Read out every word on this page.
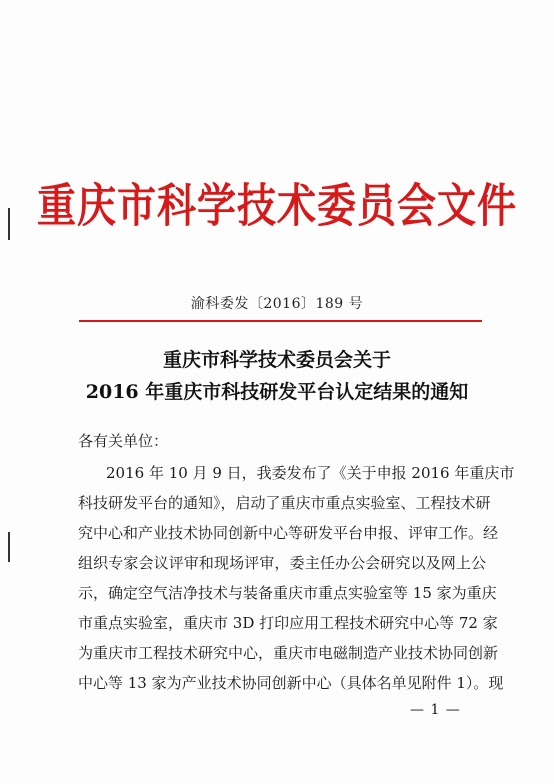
重庆市科学技术委员会文件
渝科委发〔2016〕189 号
重庆市科学技术委员会关于
2016 年重庆市科技研发平台认定结果的通知
各有关单位：
2016 年 10 月 9 日，我委发布了《关于申报 2016 年重庆市
科技研发平台的通知》，启动了重庆市重点实验室、工程技术研
究中心和产业技术协同创新中心等研发平台申报、评审工作。经
组织专家会议评审和现场评审，委主任办公会研究以及网上公
示，确定空气洁净技术与装备重庆市重点实验室等 15 家为重庆
市重点实验室，重庆市 3D 打印应用工程技术研究中心等 72 家
为重庆市工程技术研究中心，重庆市电磁制造产业技术协同创新
中心等 13 家为产业技术协同创新中心（具体名单见附件 1）。现
— 1 —
